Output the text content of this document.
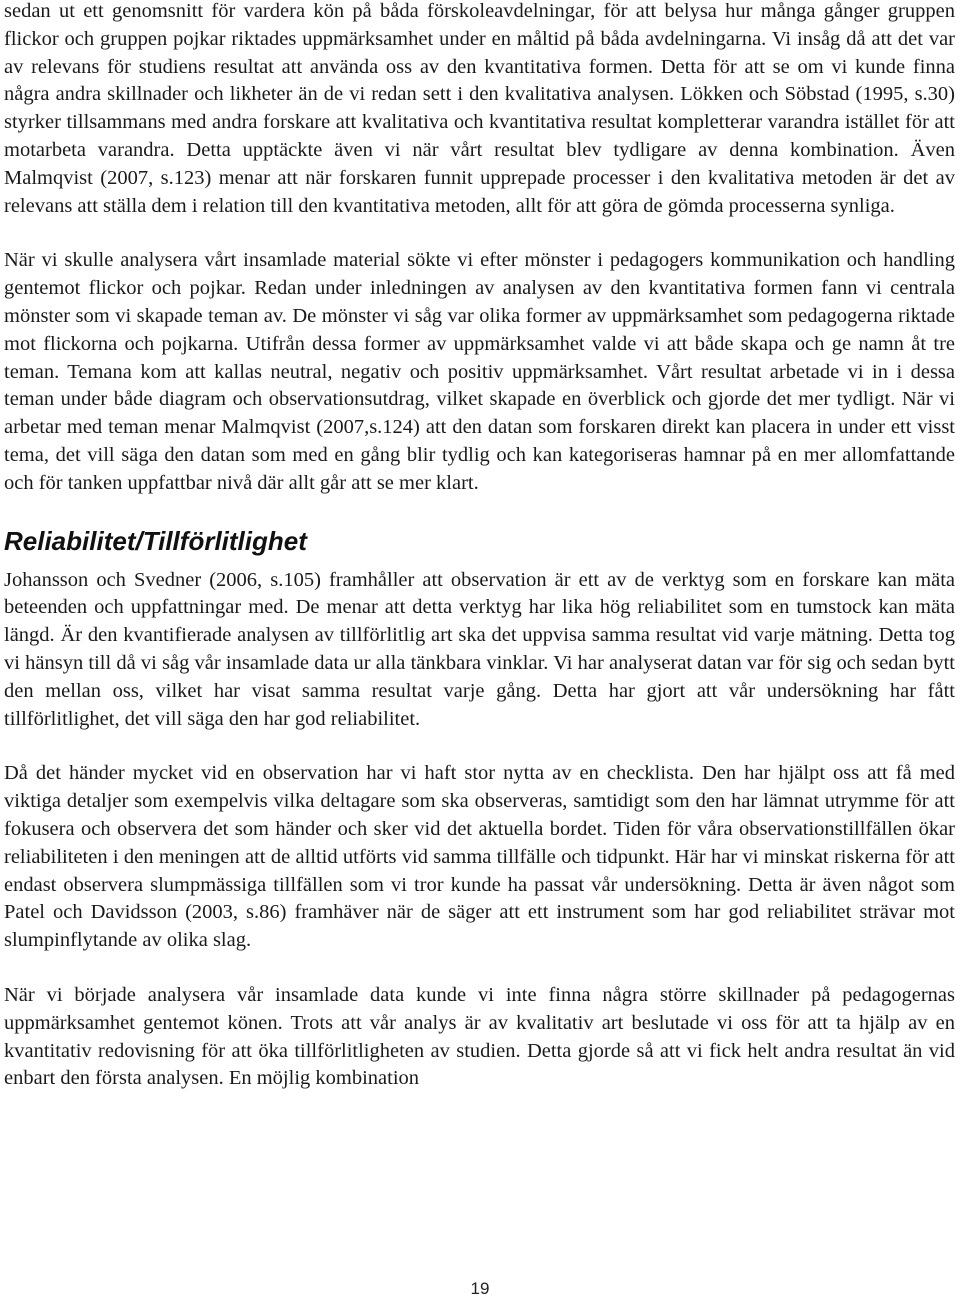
sedan ut ett genomsnitt för vardera kön på båda förskoleavdelningar, för att belysa hur många gånger gruppen flickor och gruppen pojkar riktades uppmärksamhet under en måltid på båda avdelningarna. Vi insåg då att det var av relevans för studiens resultat att använda oss av den kvantitativa formen. Detta för att se om vi kunde finna några andra skillnader och likheter än de vi redan sett i den kvalitativa analysen. Lökken och Söbstad (1995, s.30) styrker tillsammans med andra forskare att kvalitativa och kvantitativa resultat kompletterar varandra istället för att motarbeta varandra. Detta upptäckte även vi när vårt resultat blev tydligare av denna kombination. Även Malmqvist (2007, s.123) menar att när forskaren funnit upprepade processer i den kvalitativa metoden är det av relevans att ställa dem i relation till den kvantitativa metoden, allt för att göra de gömda processerna synliga.

När vi skulle analysera vårt insamlade material sökte vi efter mönster i pedagogers kommunikation och handling gentemot flickor och pojkar. Redan under inledningen av analysen av den kvantitativa formen fann vi centrala mönster som vi skapade teman av. De mönster vi såg var olika former av uppmärksamhet som pedagogerna riktade mot flickorna och pojkarna. Utifrån dessa former av uppmärksamhet valde vi att både skapa och ge namn åt tre teman. Temana kom att kallas neutral, negativ och positiv uppmärksamhet. Vårt resultat arbetade vi in i dessa teman under både diagram och observationsutdrag, vilket skapade en överblick och gjorde det mer tydligt. När vi arbetar med teman menar Malmqvist (2007,s.124) att den datan som forskaren direkt kan placera in under ett visst tema, det vill säga den datan som med en gång blir tydlig och kan kategoriseras hamnar på en mer allomfattande och för tanken uppfattbar nivå där allt går att se mer klart.

Reliabilitet/Tillförlitlighet

Johansson och Svedner (2006, s.105) framhåller att observation är ett av de verktyg som en forskare kan mäta beteenden och uppfattningar med. De menar att detta verktyg har lika hög reliabilitet som en tumstock kan mäta längd. Är den kvantifierade analysen av tillförlitlig art ska det uppvisa samma resultat vid varje mätning. Detta tog vi hänsyn till då vi såg vår insamlade data ur alla tänkbara vinklar. Vi har analyserat datan var för sig och sedan bytt den mellan oss, vilket har visat samma resultat varje gång. Detta har gjort att vår undersökning har fått tillförlitlighet, det vill säga den har god reliabilitet.

Då det händer mycket vid en observation har vi haft stor nytta av en checklista. Den har hjälpt oss att få med viktiga detaljer som exempelvis vilka deltagare som ska observeras, samtidigt som den har lämnat utrymme för att fokusera och observera det som händer och sker vid det aktuella bordet. Tiden för våra observationstillfällen ökar reliabiliteten i den meningen att de alltid utförts vid samma tillfälle och tidpunkt. Här har vi minskat riskerna för att endast observera slumpmässiga tillfällen som vi tror kunde ha passat vår undersökning. Detta är även något som Patel och Davidsson (2003, s.86) framhäver när de säger att ett instrument som har god reliabilitet strävar mot slumpinflytande av olika slag.

När vi började analysera vår insamlade data kunde vi inte finna några större skillnader på pedagogernas uppmärksamhet gentemot könen. Trots att vår analys är av kvalitativ art beslutade vi oss för att ta hjälp av en kvantitativ redovisning för att öka tillförlitligheten av studien. Detta gjorde så att vi fick helt andra resultat än vid enbart den första analysen. En möjlig kombination

19
